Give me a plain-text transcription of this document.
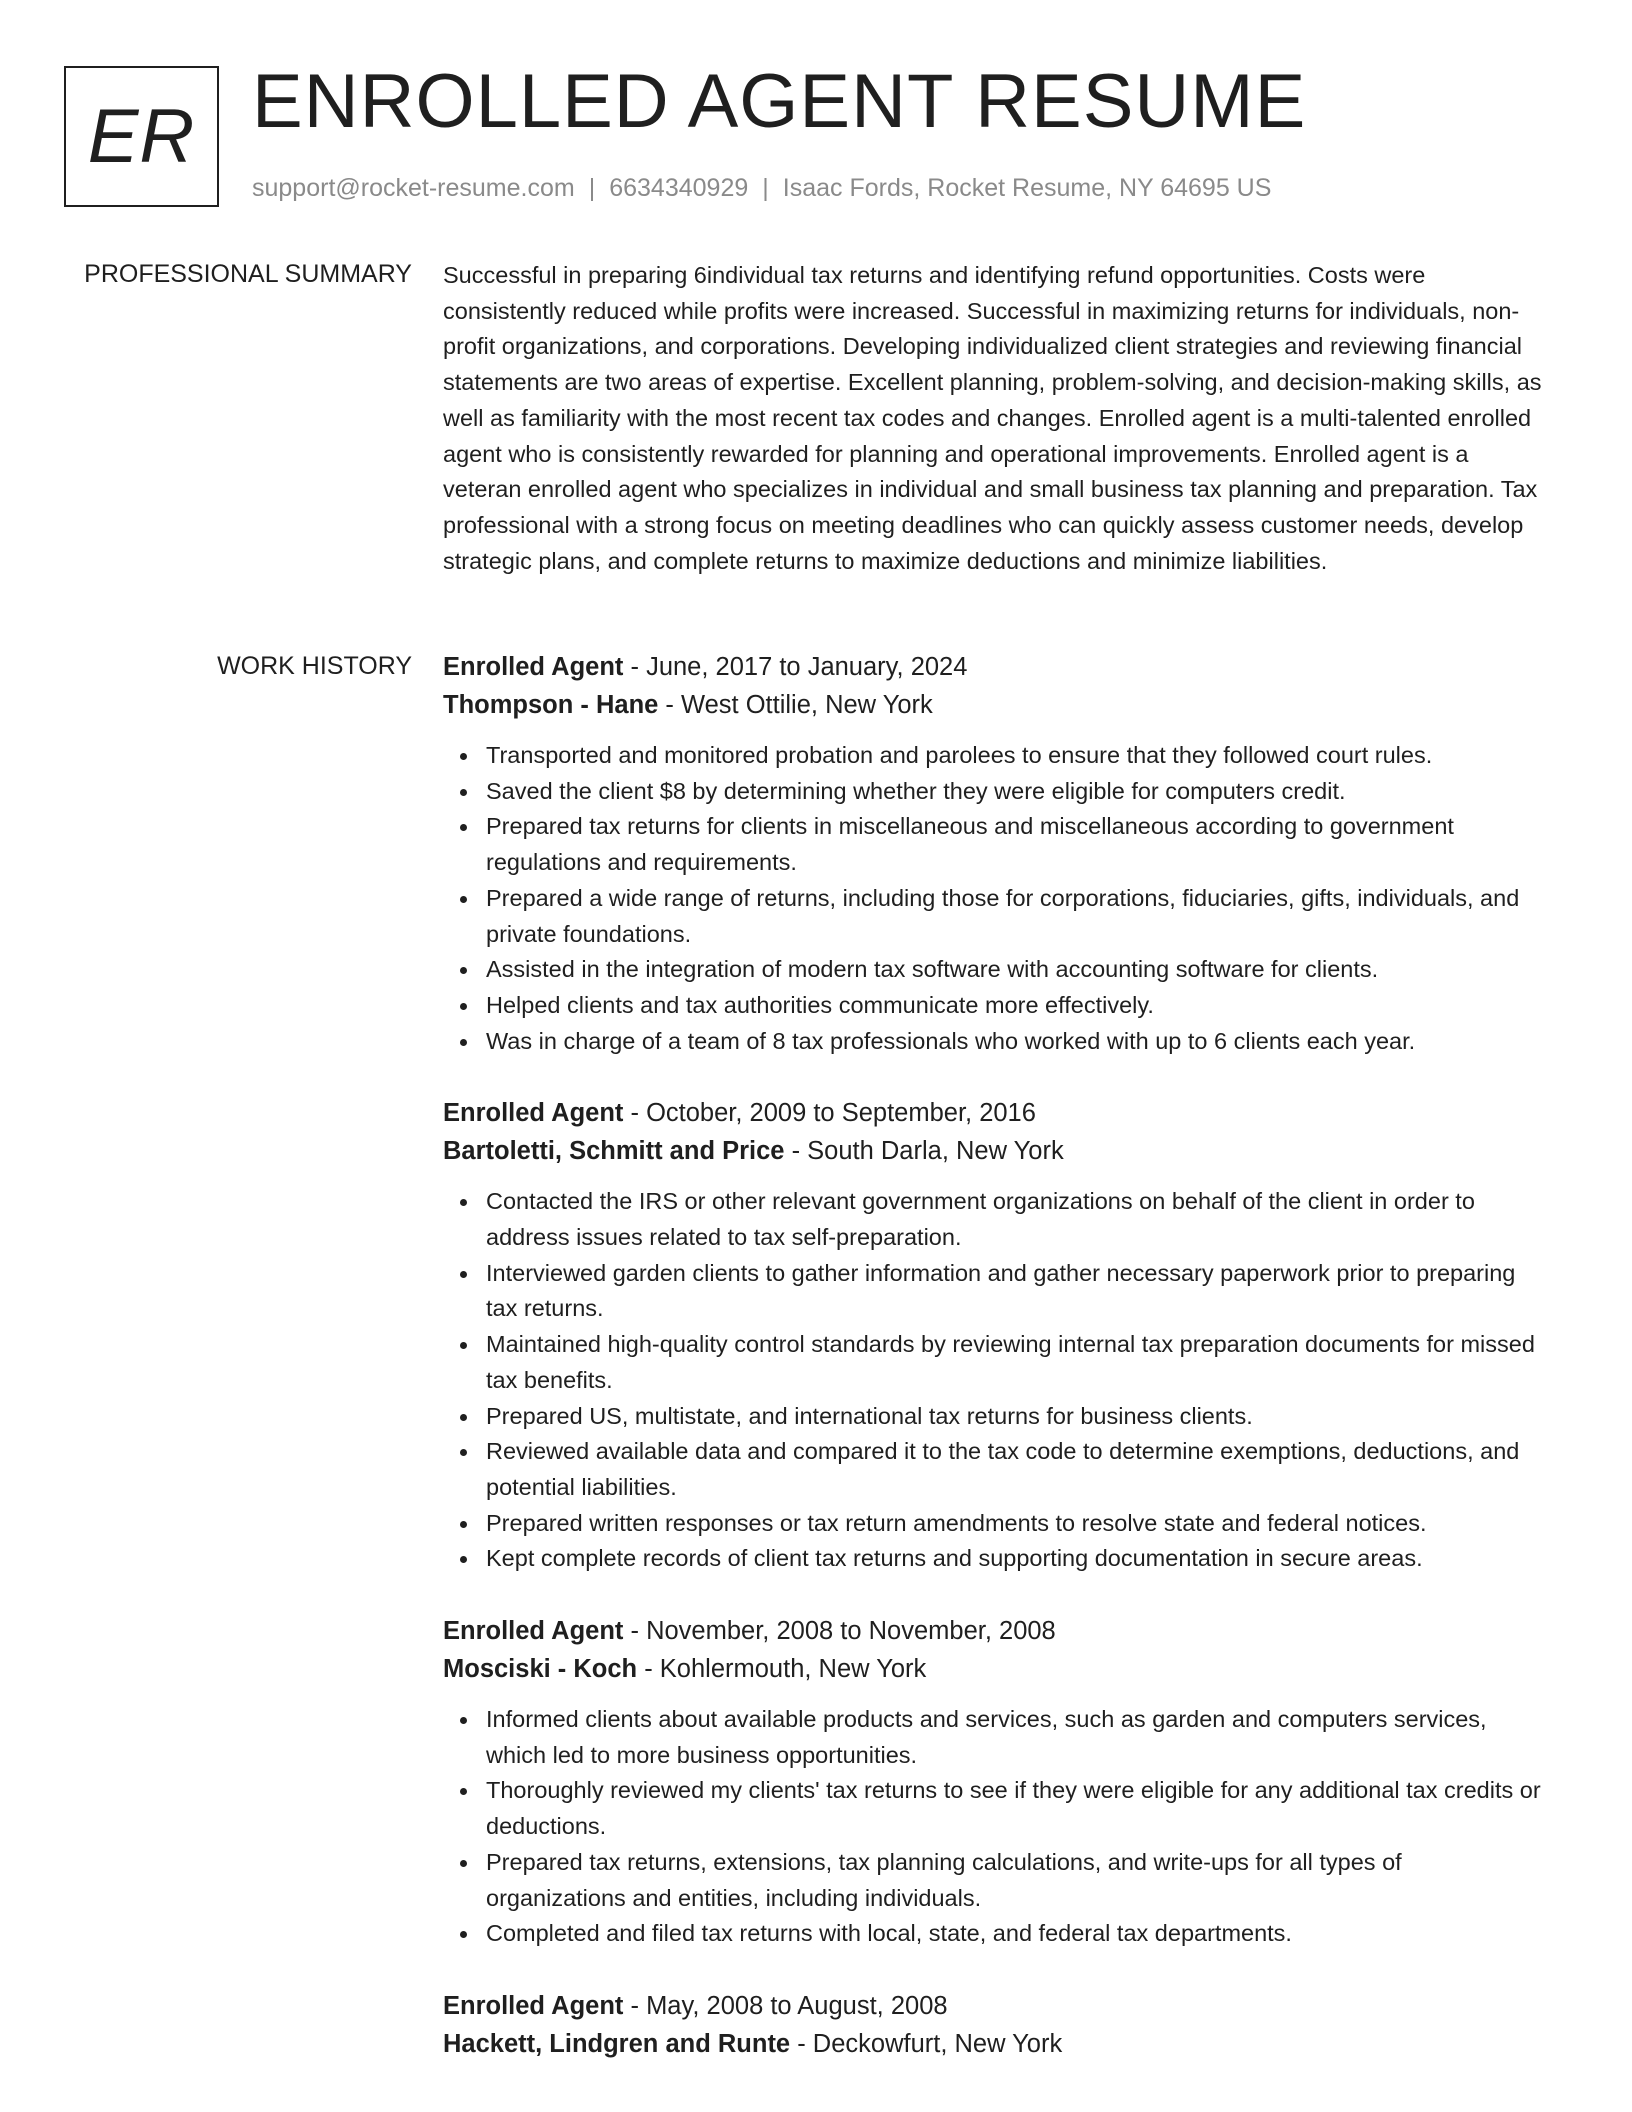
ER ENROLLED AGENT RESUME
support@rocket-resume.com | 6634340929 | Isaac Fords, Rocket Resume, NY 64695 US
PROFESSIONAL SUMMARY Successful in preparing 6individual tax returns and identifying refund opportunities. Costs were consistently reduced while profits were increased. Successful in maximizing returns for individuals, non-profit organizations, and corporations. Developing individualized client strategies and reviewing financial statements are two areas of expertise. Excellent planning, problem-solving, and decision-making skills, as well as familiarity with the most recent tax codes and changes. Enrolled agent is a multi-talented enrolled agent who is consistently rewarded for planning and operational improvements. Enrolled agent is a veteran enrolled agent who specializes in individual and small business tax planning and preparation. Tax professional with a strong focus on meeting deadlines who can quickly assess customer needs, develop strategic plans, and complete returns to maximize deductions and minimize liabilities.

WORK HISTORY Enrolled Agent - June, 2017 to January, 2024
Thompson - Hane - West Ottilie, New York
Transported and monitored probation and parolees to ensure that they followed court rules.
Saved the client $8 by determining whether they were eligible for computers credit.
Prepared tax returns for clients in miscellaneous and miscellaneous according to government regulations and requirements.
Prepared a wide range of returns, including those for corporations, fiduciaries, gifts, individuals, and private foundations.
Assisted in the integration of modern tax software with accounting software for clients.
Helped clients and tax authorities communicate more effectively.
Was in charge of a team of 8 tax professionals who worked with up to 6 clients each year.
Enrolled Agent - October, 2009 to September, 2016
Bartoletti, Schmitt and Price - South Darla, New York
Contacted the IRS or other relevant government organizations on behalf of the client in order to address issues related to tax self-preparation.
Interviewed garden clients to gather information and gather necessary paperwork prior to preparing tax returns.
Maintained high-quality control standards by reviewing internal tax preparation documents for missed tax benefits.
Prepared US, multistate, and international tax returns for business clients.
Reviewed available data and compared it to the tax code to determine exemptions, deductions, and potential liabilities.
Prepared written responses or tax return amendments to resolve state and federal notices.
Kept complete records of client tax returns and supporting documentation in secure areas.
Enrolled Agent - November, 2008 to November, 2008
Mosciski - Koch - Kohlermouth, New York
Informed clients about available products and services, such as garden and computers services, which led to more business opportunities.
Thoroughly reviewed my clients' tax returns to see if they were eligible for any additional tax credits or deductions.
Prepared tax returns, extensions, tax planning calculations, and write-ups for all types of organizations and entities, including individuals.
Completed and filed tax returns with local, state, and federal tax departments.
Enrolled Agent - May, 2008 to August, 2008
Hackett, Lindgren and Runte - Deckowfurt, New York
